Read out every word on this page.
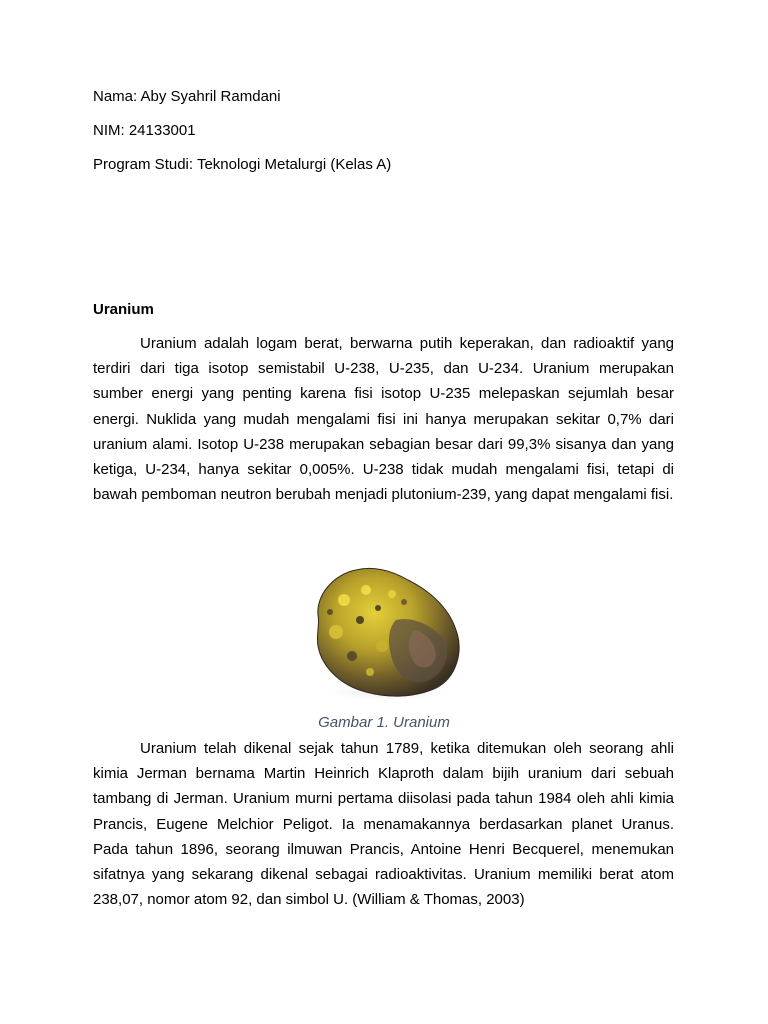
Nama: Aby Syahril Ramdani
NIM: 24133001
Program Studi: Teknologi Metalurgi (Kelas A)
Uranium

Uranium adalah logam berat, berwarna putih keperakan, dan radioaktif yang terdiri dari tiga isotop semistabil U-238, U-235, dan U-234. Uranium merupakan sumber energi yang penting karena fisi isotop U-235 melepaskan sejumlah besar energi. Nuklida yang mudah mengalami fisi ini hanya merupakan sekitar 0,7% dari uranium alami. Isotop U-238 merupakan sebagian besar dari 99,3% sisanya dan yang ketiga, U-234, hanya sekitar 0,005%. U-238 tidak mudah mengalami fisi, tetapi di bawah pemboman neutron berubah menjadi plutonium-239, yang dapat mengalami fisi.

Gambar 1. Uranium

Uranium telah dikenal sejak tahun 1789, ketika ditemukan oleh seorang ahli kimia Jerman bernama Martin Heinrich Klaproth dalam bijih uranium dari sebuah tambang di Jerman. Uranium murni pertama diisolasi pada tahun 1984 oleh ahli kimia Prancis, Eugene Melchior Peligot. Ia menamakannya berdasarkan planet Uranus. Pada tahun 1896, seorang ilmuwan Prancis, Antoine Henri Becquerel, menemukan sifatnya yang sekarang dikenal sebagai radioaktivitas. Uranium memiliki berat atom 238,07, nomor atom 92, dan simbol U. (William & Thomas, 2003)
